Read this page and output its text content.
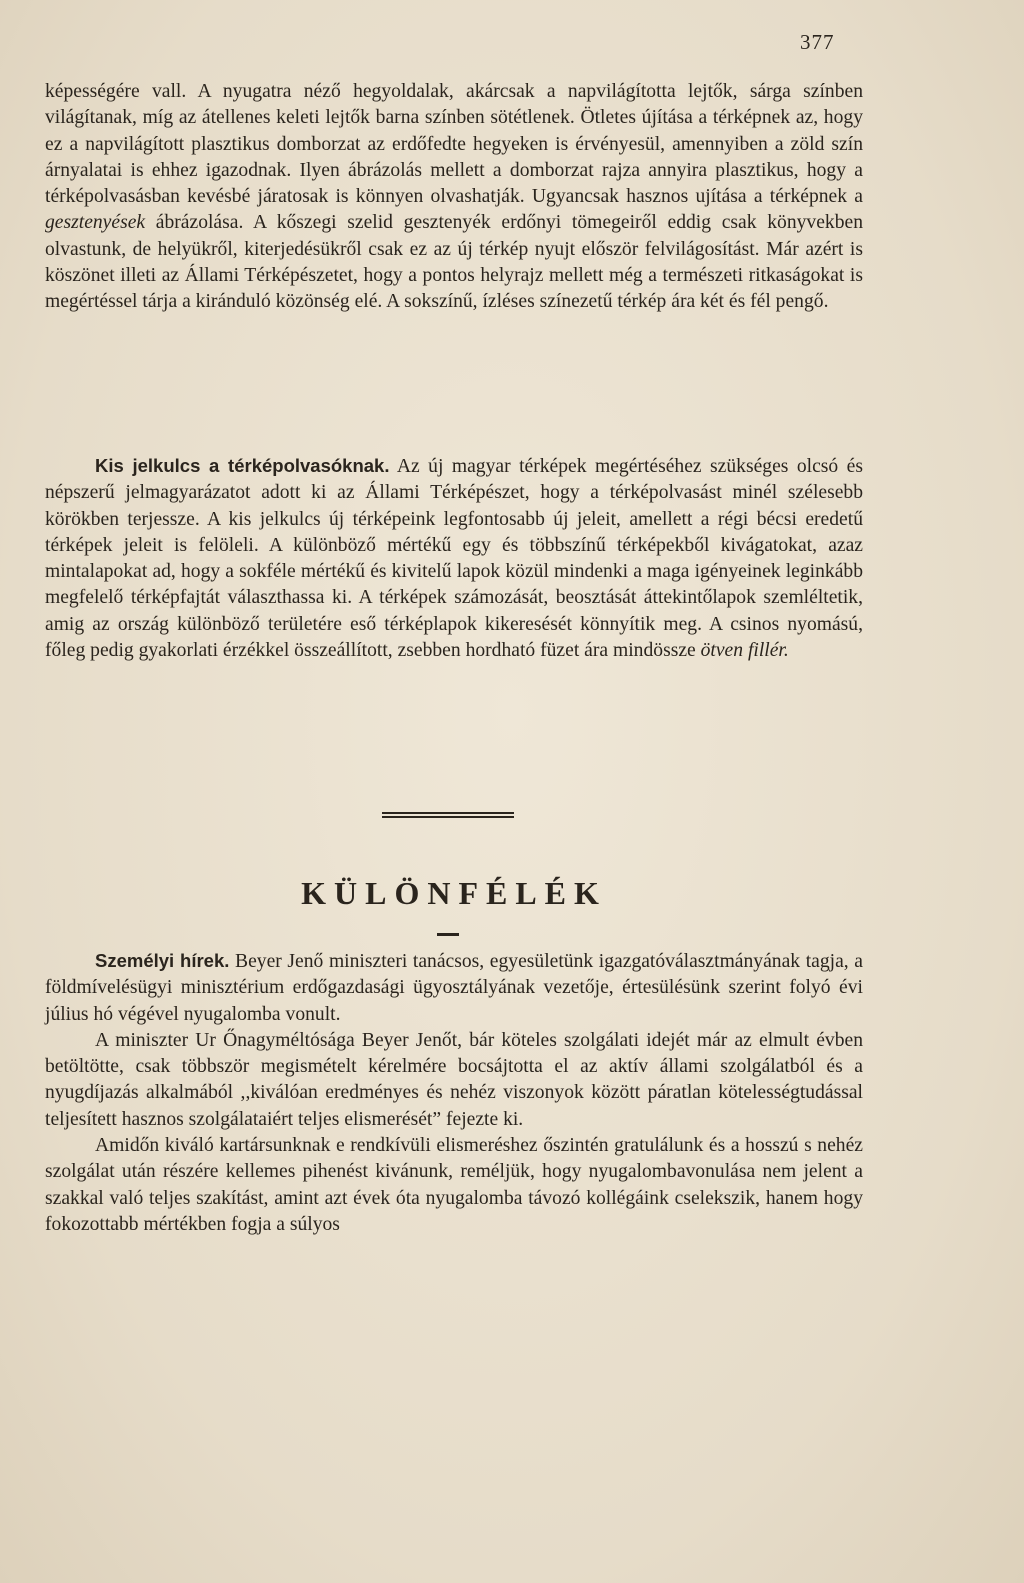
377

képességére vall. A nyugatra néző hegyoldalak, akárcsak a napvilágította lejtők, sárga színben világítanak, míg az átellenes keleti lejtők barna színben sötétlenek. Ötletes újítása a térképnek az, hogy ez a napvilágított plasztikus domborzat az erdőfedte hegyeken is érvényesül, amennyiben a zöld szín árnyalatai is ehhez igazodnak. Ilyen ábrázolás mellett a domborzat rajza annyira plasztikus, hogy a térképolvasásban kevésbé járatosak is könnyen olvashatják. Ugyancsak hasznos ujítása a térképnek a gesztenyések ábrázolása. A kőszegi szelid gesztenyék erdőnyi tömegeiről eddig csak könyvekben olvastunk, de helyükről, kiterjedésükről csak ez az új térkép nyujt először felvilágosítást. Már azért is köszönet illeti az Állami Térképészetet, hogy a pontos helyrajz mellett még a természeti ritkaságokat is megértéssel tárja a kiránduló közönség elé. A sokszínű, ízléses színezetű térkép ára két és fél pengő.

Kis jelkulcs a térképolvasóknak. Az új magyar térképek megértéséhez szükséges olcsó és népszerű jelmagyarázatot adott ki az Állami Térképészet, hogy a térképolvasást minél szélesebb körökben terjessze. A kis jelkulcs új térképeink legfontosabb új jeleit, amellett a régi bécsi eredetű térképek jeleit is felöleli. A különböző mértékű egy és többszínű térképekből kivágatokat, azaz mintalapokat ad, hogy a sokféle mértékű és kivitelű lapok közül mindenki a maga igényeinek leginkább megfelelő térképfajtát választhassa ki. A térképek számozását, beosztását áttekintőlapok szemléltetik, amig az ország különböző területére eső térképlapok kikeresését könnyítik meg. A csinos nyomású, főleg pedig gyakorlati érzékkel összeállított, zsebben hordható füzet ára mindössze ötven fillér.

KÜLÖNFÉLÉK

Személyi hírek. Beyer Jenő miniszteri tanácsos, egyesületünk igazgatóválasztmányának tagja, a földmívelésügyi minisztérium erdőgazdasági ügyosztályának vezetője, értesülésünk szerint folyó évi július hó végével nyugalomba vonult.

A miniszter Ur Őnagyméltósága Beyer Jenőt, bár köteles szolgálati idejét már az elmult évben betöltötte, csak többször megismételt kérelmére bocsájtotta el az aktív állami szolgálatból és a nyugdíjazás alkalmából ,,kiválóan eredményes és nehéz viszonyok között páratlan kötelességtudással teljesített hasznos szolgálataiért teljes elismerését” fejezte ki.

Amidőn kiváló kartársunknak e rendkívüli elismeréshez őszintén gratulálunk és a hosszú s nehéz szolgálat után részére kellemes pihenést kivánunk, reméljük, hogy nyugalombavonulása nem jelent a szakkal való teljes szakítást, amint azt évek óta nyugalomba távozó kollégáink cselekszik, hanem hogy fokozottabb mértékben fogja a súlyos
